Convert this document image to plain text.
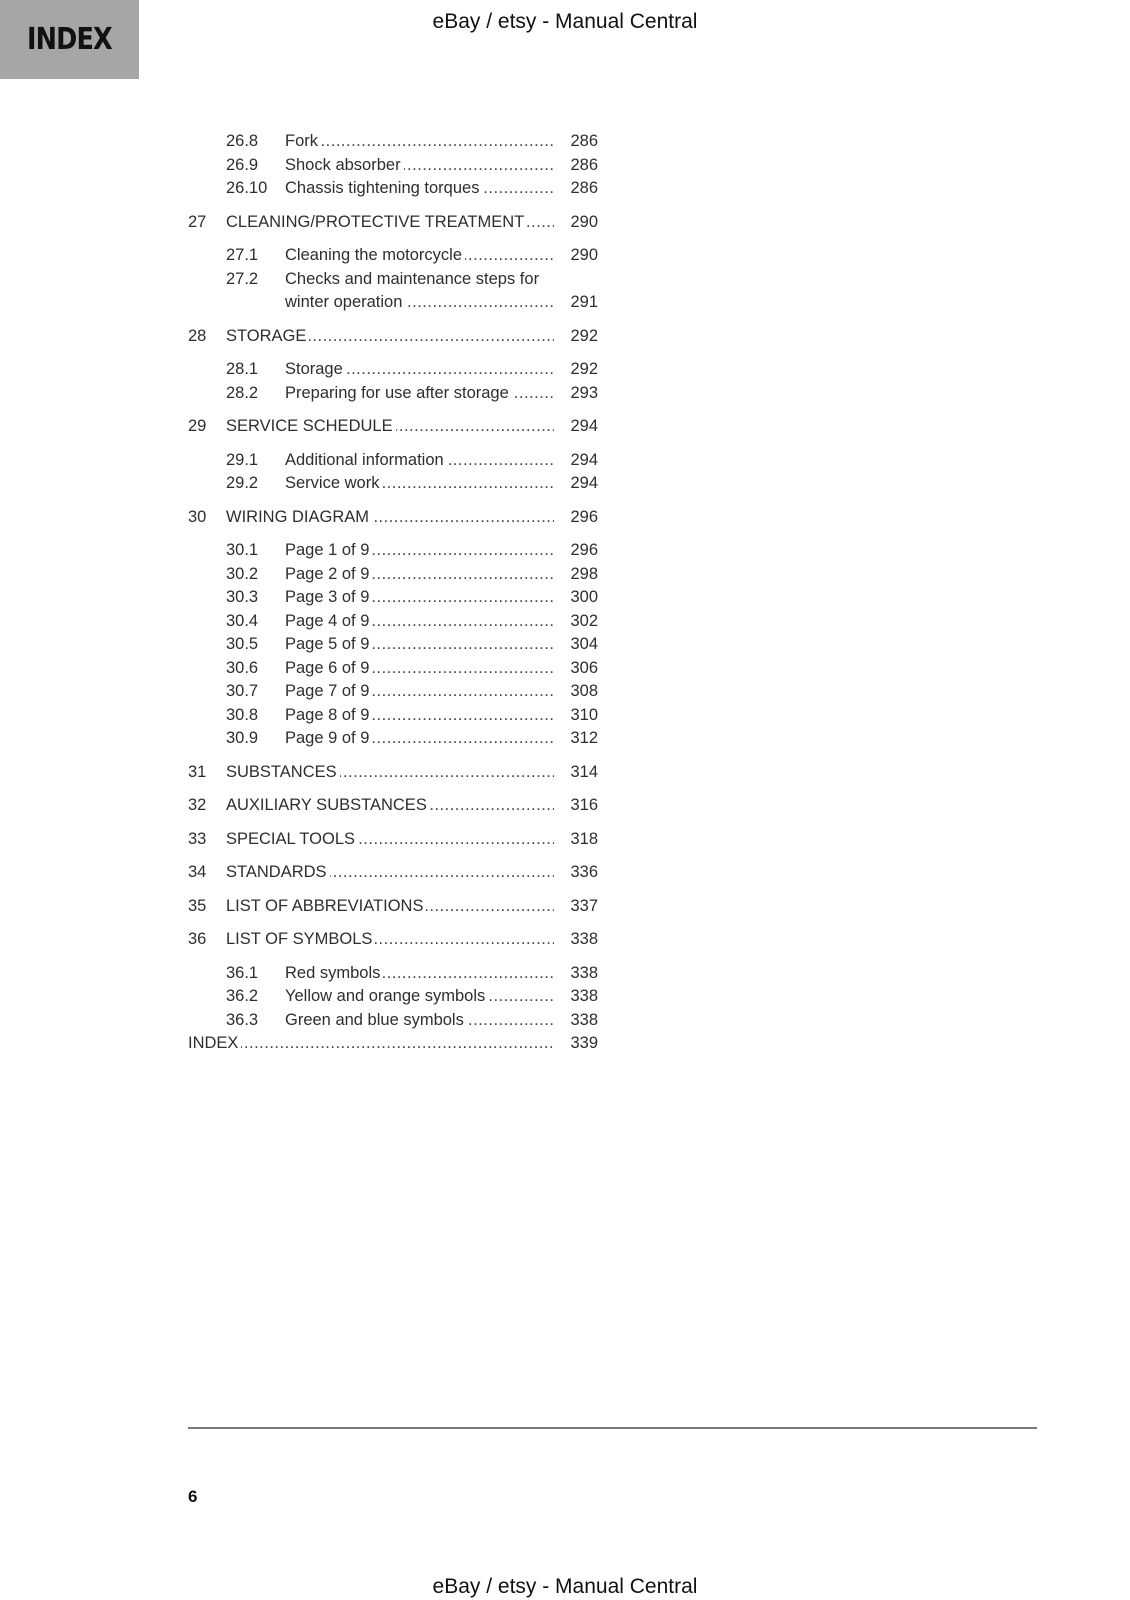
INDEX
eBay / etsy - Manual Central
26.8 Fork .....	286
26.9 Shock absorber .....	286
26.10 Chassis tightening torques .....	286
27 CLEANING/PROTECTIVE TREATMENT .....	290
27.1 Cleaning the motorcycle .....	290
27.2 Checks and maintenance steps for
winter operation .....	291
28 STORAGE .....	292
28.1 Storage .....	292
28.2 Preparing for use after storage .....	293
29 SERVICE SCHEDULE .....	294
29.1 Additional information .....	294
29.2 Service work .....	294
30 WIRING DIAGRAM .....	296
30.1 Page 1 of 9 .....	296
30.2 Page 2 of 9 .....	298
30.3 Page 3 of 9 .....	300
30.4 Page 4 of 9 .....	302
30.5 Page 5 of 9 .....	304
30.6 Page 6 of 9 .....	306
30.7 Page 7 of 9 .....	308
30.8 Page 8 of 9 .....	310
30.9 Page 9 of 9 .....	312
31 SUBSTANCES .....	314
32 AUXILIARY SUBSTANCES .....	316
33 SPECIAL TOOLS .....	318
34 STANDARDS .....	336
35 LIST OF ABBREVIATIONS .....	337
36 LIST OF SYMBOLS .....	338
36.1 Red symbols .....	338
36.2 Yellow and orange symbols .....	338
36.3 Green and blue symbols .....	338
INDEX .....	339
6
eBay / etsy - Manual Central
